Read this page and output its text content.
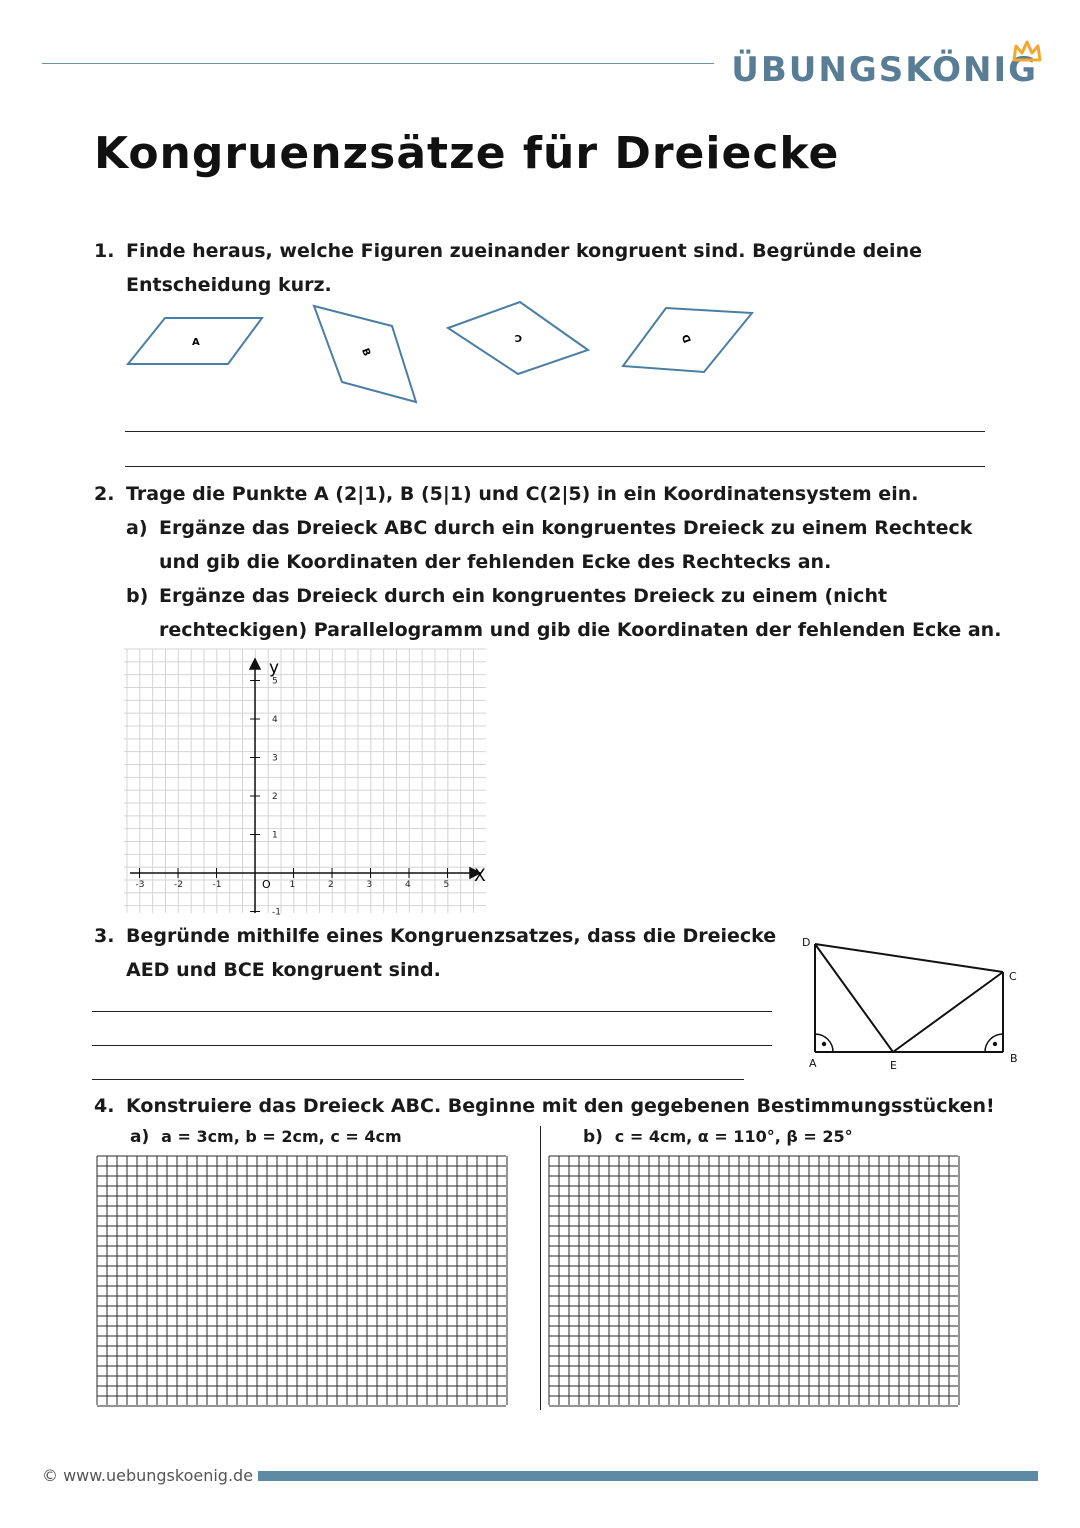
ÜBUNGSKÖNIG
Kongruenzsätze für Dreiecke
1. Finde heraus, welche Figuren zueinander kongruent sind. Begründe deine
Entscheidung kurz.
A
B
C	D
2. Trage die Punkte A (2|1), B (5|1) und C(2|5) in ein Koordinatensystem ein.
a) Ergänze das Dreieck ABC durch ein kongruentes Dreieck zu einem Rechteck
und gib die Koordinaten der fehlenden Ecke des Rechtecks an.
b) Ergänze das Dreieck durch ein kongruentes Dreieck zu einem (nicht
rechteckigen) Parallelogramm und gib die Koordinaten der fehlenden Ecke an.
X
y
O
-3	-2	-1	1	2	3	4	5
5
4
3
2
1
-1
3. Begründe mithilfe eines Kongruenzsatzes, dass die Dreiecke
AED und BCE kongruent sind.
D
C
A	E
B
4. Konstruiere das Dreieck ABC. Beginne mit den gegebenen Bestimmungsstücken!
a) a = 3cm, b = 2cm, c = 4cm	b) c = 4cm, α = 110°, β = 25°
© www.uebungskoenig.de
